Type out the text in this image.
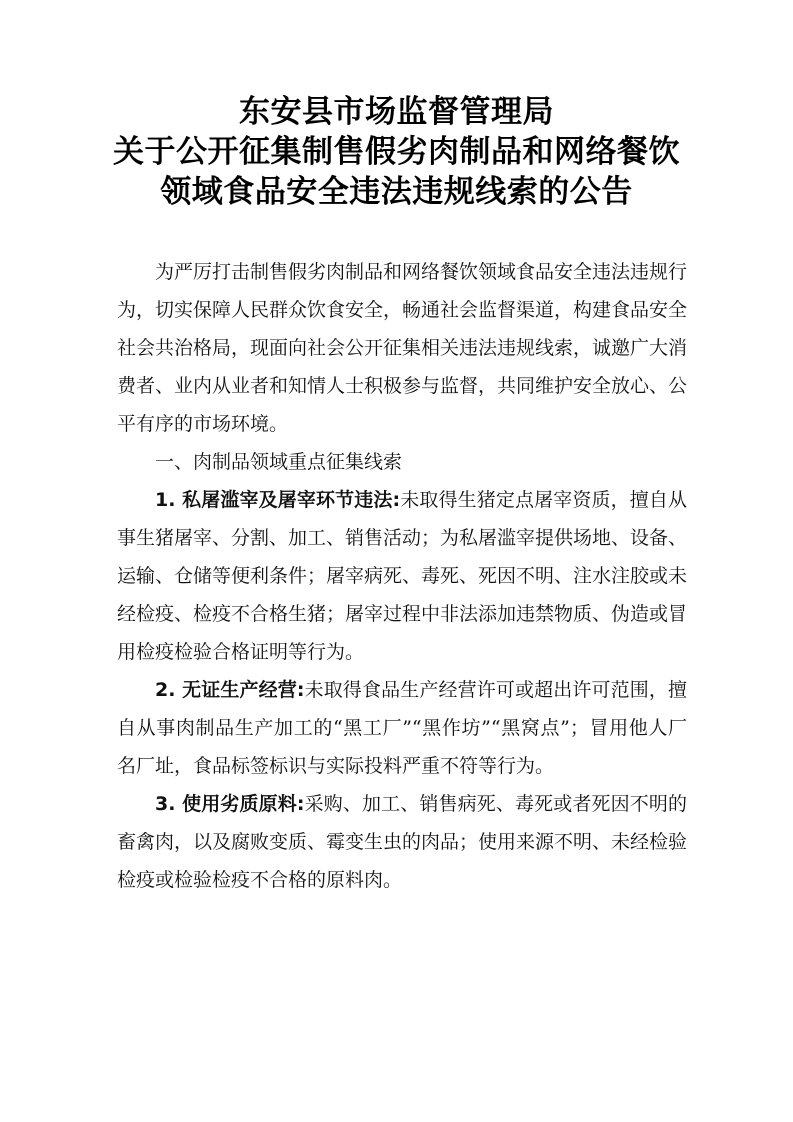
东安县市场监督管理局
关于公开征集制售假劣肉制品和网络餐饮
领域食品安全违法违规线索的公告

为严厉打击制售假劣肉制品和网络餐饮领域食品安全违法违规行为，切实保障人民群众饮食安全，畅通社会监督渠道，构建食品安全社会共治格局，现面向社会公开征集相关违法违规线索，诚邀广大消费者、业内从业者和知情人士积极参与监督，共同维护安全放心、公平有序的市场环境。

一、肉制品领域重点征集线索

1. 私屠滥宰及屠宰环节违法:未取得生猪定点屠宰资质，擅自从事生猪屠宰、分割、加工、销售活动；为私屠滥宰提供场地、设备、运输、仓储等便利条件；屠宰病死、毒死、死因不明、注水注胶或未经检疫、检疫不合格生猪；屠宰过程中非法添加违禁物质、伪造或冒用检疫检验合格证明等行为。

2. 无证生产经营:未取得食品生产经营许可或超出许可范围，擅自从事肉制品生产加工的“黑工厂”“黑作坊”“黑窝点”；冒用他人厂名厂址，食品标签标识与实际投料严重不符等行为。

3. 使用劣质原料:采购、加工、销售病死、毒死或者死因不明的畜禽肉，以及腐败变质、霉变生虫的肉品；使用来源不明、未经检验检疫或检验检疫不合格的原料肉。
